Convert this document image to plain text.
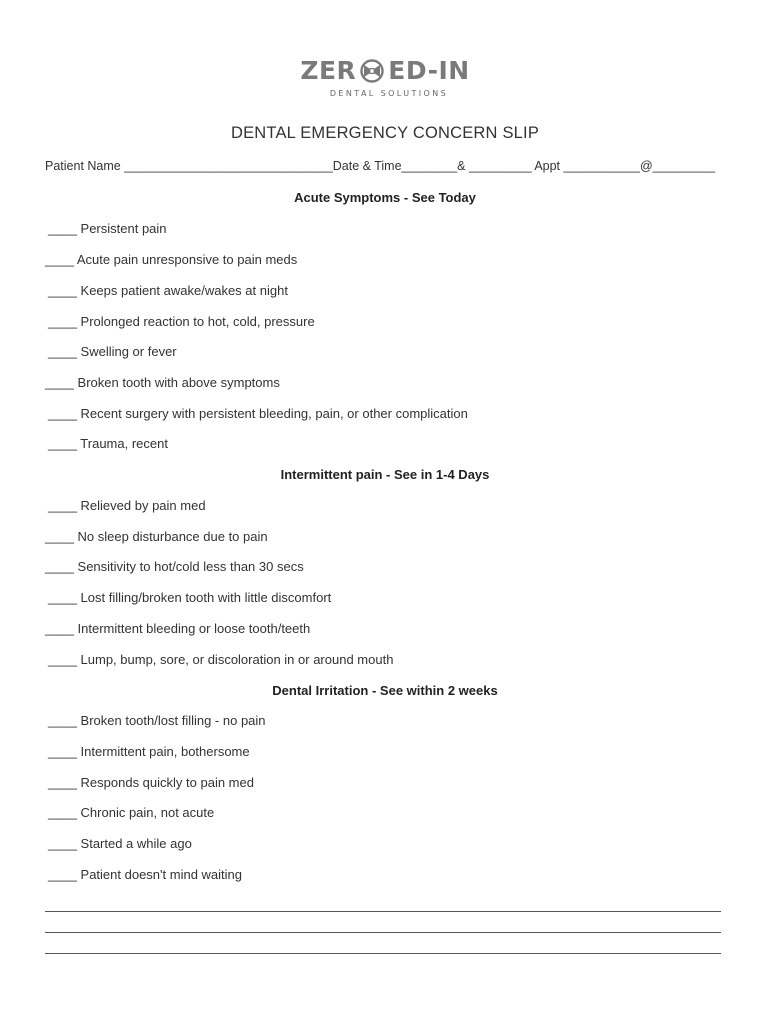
ZER ED-IN
DENTAL SOLUTIONS
DENTAL EMERGENCY CONCERN SLIP
Patient Name ______________________________Date & Time________& _________ Appt ___________@_________
Acute Symptoms - See Today
____ Persistent pain
____ Acute pain unresponsive to pain meds
____ Keeps patient awake/wakes at night
____ Prolonged reaction to hot, cold, pressure
____ Swelling or fever
____ Broken tooth with above symptoms
____ Recent surgery with persistent bleeding, pain, or other complication
____ Trauma, recent
Intermittent pain - See in 1-4 Days
____ Relieved by pain med
____ No sleep disturbance due to pain
____ Sensitivity to hot/cold less than 30 secs
____ Lost filling/broken tooth with little discomfort
____ Intermittent bleeding or loose tooth/teeth
____ Lump, bump, sore, or discoloration in or around mouth
Dental Irritation - See within 2 weeks
____ Broken tooth/lost filling - no pain
____ Intermittent pain, bothersome
____ Responds quickly to pain med
____ Chronic pain, not acute
____ Started a while ago
____ Patient doesn't mind waiting
